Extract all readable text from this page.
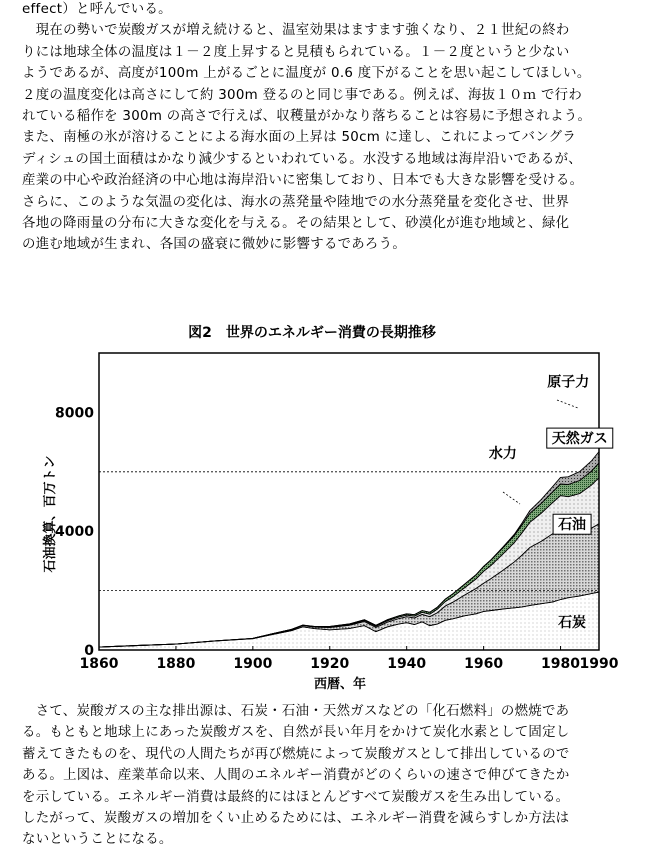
effect）と呼んでいる。
　現在の勢いで炭酸ガスが増え続けると、温室効果はますます強くなり、２１世紀の終わ
りには地球全体の温度は１－２度上昇すると見積もられている。１－２度というと少ない
ようであるが、高度が100m 上がるごとに温度が 0.6 度下がることを思い起こしてほしい。
２度の温度変化は高さにして約 300m 登るのと同じ事である。例えば、海抜１０ｍ で行わ
れている稲作を 300m の高さで行えば、収穫量がかなり落ちることは容易に予想されよう。
また、南極の氷が溶けることによる海水面の上昇は 50cm に達し、これによってバングラ
ディシュの国土面積はかなり減少するといわれている。水没する地域は海岸沿いであるが、
産業の中心や政治経済の中心地は海岸沿いに密集しており、日本でも大きな影響を受ける。
さらに、このような気温の変化は、海水の蒸発量や陸地での水分蒸発量を変化させ、世界
各地の降雨量の分布に大きな変化を与える。その結果として、砂漠化が進む地域と、緑化
の進む地域が生まれ、各国の盛衰に微妙に影響するであろう。
図2　世界のエネルギー消費の長期推移
1860	1880	1900	1920	1940	1960	1980 1990
0
4000
8000
原子力
水力
天然ガス
石油
石炭
西暦、年
石油換算、百万トン
　さて、炭酸ガスの主な排出源は、石炭・石油・天然ガスなどの「化石燃料」の燃焼であ
る。もともと地球上にあった炭酸ガスを、自然が長い年月をかけて炭化水素として固定し
蓄えてきたものを、現代の人間たちが再び燃焼によって炭酸ガスとして排出しているので
ある。上図は、産業革命以来、人間のエネルギー消費がどのくらいの速さで伸びてきたか
を示している。エネルギー消費は最終的にはほとんどすべて炭酸ガスを生み出している。
したがって、炭酸ガスの増加をくい止めるためには、エネルギー消費を減らすしか方法は
ないということになる。
